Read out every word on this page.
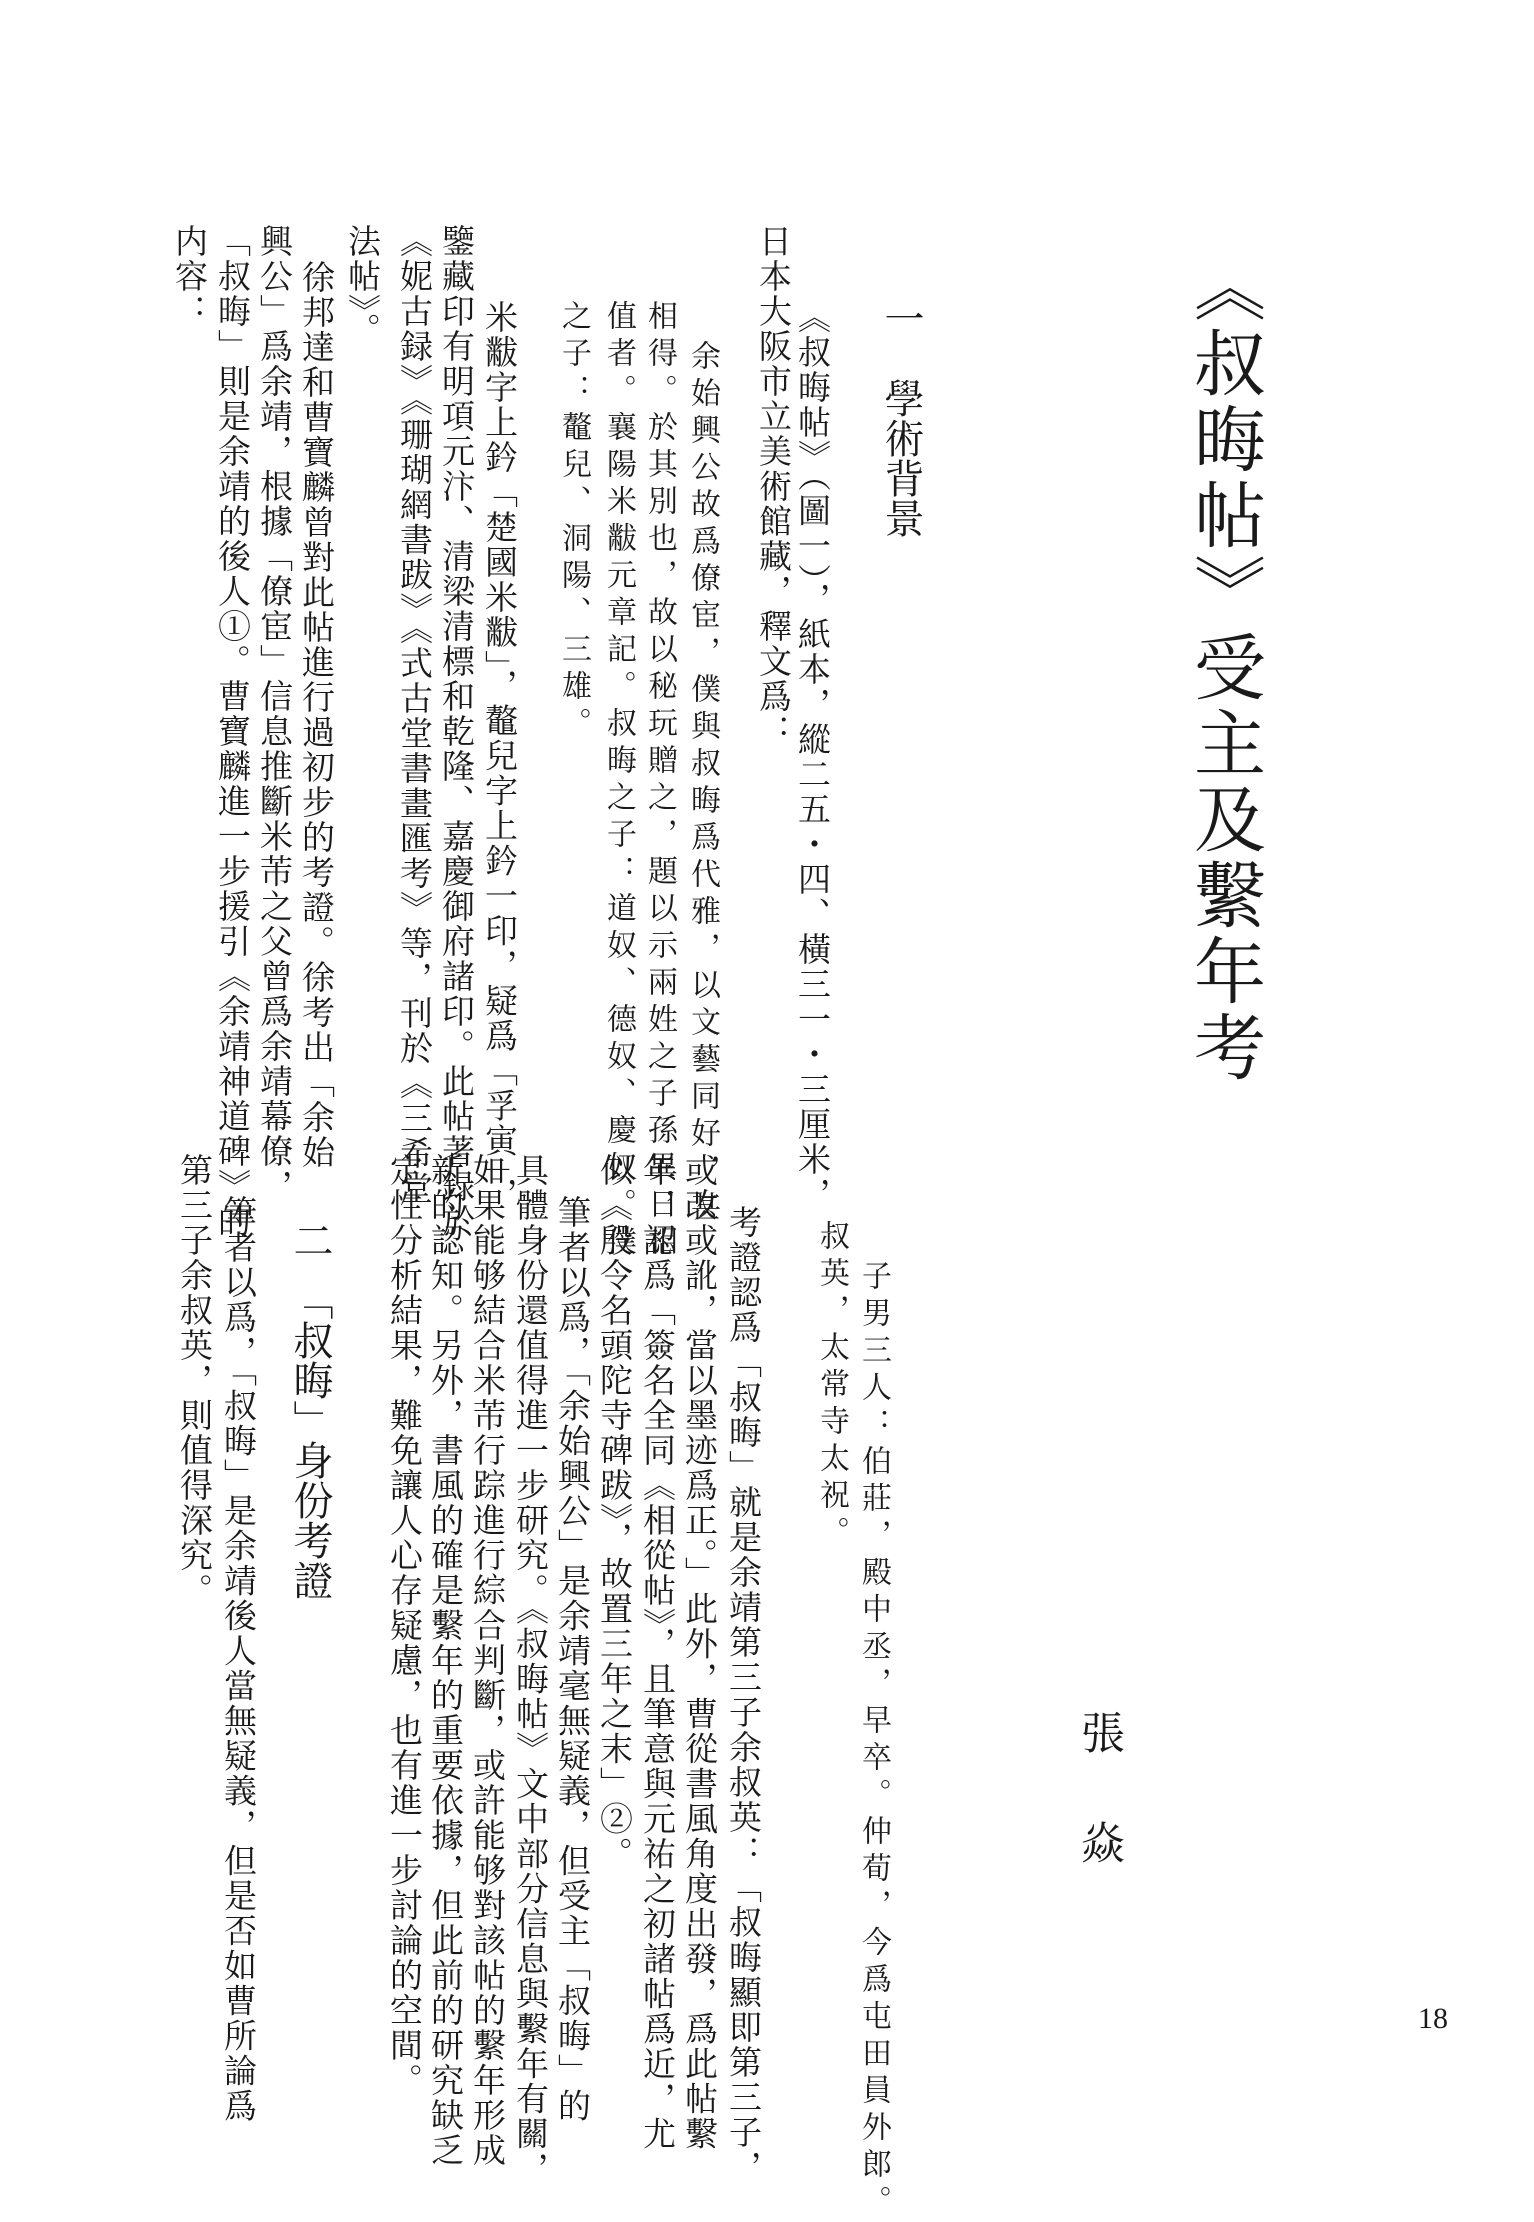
《叔晦帖》受主及繫年考
張 焱
一　學術背景
《叔晦帖》（圖一），紙本，縱二五・四、橫三一・三厘米，
日本大阪市立美術館藏，釋文爲：
余始興公故爲僚宦，僕與叔晦爲代雅，以文藝同好，甚
相得。於其別也，故以秘玩贈之，題以示兩姓之子孫異日相
值者。襄陽米黻元章記。叔晦之子：道奴、德奴、慶奴。僕
之子：鼇兒、洞陽、三雄。
米黻字上鈐「楚國米黻」，鼇兒字上鈐一印，疑爲「孚寅」，
鑒藏印有明項元汴、清梁清標和乾隆、嘉慶御府諸印。此帖著録於
《妮古録》《珊瑚網書跋》《式古堂書畫匯考》等，刊於《三希堂
法帖》。
徐邦達和曹寶麟曾對此帖進行過初步的考證。徐考出「余始
興公」爲余靖，根據「僚宦」信息推斷米芾之父曾爲余靖幕僚，
「叔晦」則是余靖的後人①。曹寶麟進一步援引《余靖神道碑》的
内容：
子男三人：伯莊，殿中丞，早卒。仲荀，今爲屯田員外郎。
叔英，太常寺太祝。
考證認爲「叔晦」就是余靖第三子余叔英：「叔晦顯即第三子，
或改或訛，當以墨迹爲正。」此外，曹從書風角度出發，爲此帖繫
年，認爲「簽名全同《相從帖》，且筆意與元祐之初諸帖爲近，尤
似《殷令名頭陀寺碑跋》，故置三年之末」②。
筆者以爲，「余始興公」是余靖毫無疑義，但受主「叔晦」的
具體身份還值得進一步研究。《叔晦帖》文中部分信息與繫年有關，
如果能够結合米芾行踪進行綜合判斷，或許能够對該帖的繫年形成
新的認知。另外，書風的確是繫年的重要依據，但此前的研究缺乏
定性分析結果，難免讓人心存疑慮，也有進一步討論的空間。
二　「叔晦」身份考證
筆者以爲，「叔晦」是余靖後人當無疑義，但是否如曹所論爲
第三子余叔英，則值得深究。
18
